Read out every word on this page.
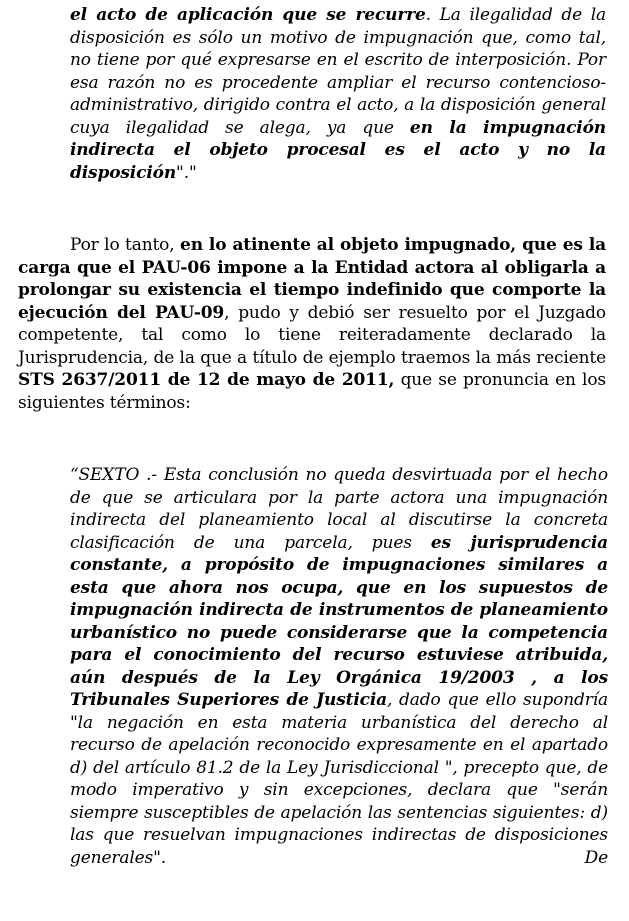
el acto de aplicación que se recurre. La ilegalidad de la disposición es sólo un motivo de impugnación que, como tal, no tiene por qué expresarse en el escrito de interposición. Por esa razón no es procedente ampliar el recurso contencioso-administrativo, dirigido contra el acto, a la disposición general cuya ilegalidad se alega, ya que en la impugnación indirecta el objeto procesal es el acto y no la disposición"."

Por lo tanto, en lo atinente al objeto impugnado, que es la carga que el PAU-06 impone a la Entidad actora al obligarla a prolongar su existencia el tiempo indefinido que comporte la ejecución del PAU-09, pudo y debió ser resuelto por el Juzgado competente, tal como lo tiene reiteradamente declarado la Jurisprudencia, de la que a título de ejemplo traemos la más reciente STS 2637/2011 de 12 de mayo de 2011, que se pronuncia en los siguientes términos:

“SEXTO .- Esta conclusión no queda desvirtuada por el hecho de que se articulara por la parte actora una impugnación indirecta del planeamiento local al discutirse la concreta clasificación de una parcela, pues es jurisprudencia constante, a propósito de impugnaciones similares a esta que ahora nos ocupa, que en los supuestos de impugnación indirecta de instrumentos de planeamiento urbanístico no puede considerarse que la competencia para el conocimiento del recurso estuviese atribuida, aún después de la Ley Orgánica 19/2003 , a los Tribunales Superiores de Justicia, dado que ello supondría "la negación en esta materia urbanística del derecho al recurso de apelación reconocido expresamente en el apartado d) del artículo 81.2 de la Ley Jurisdiccional ", precepto que, de modo imperativo y sin excepciones, declara que "serán siempre susceptibles de apelación las sentencias siguientes: d) las que resuelvan impugnaciones indirectas de disposiciones generales". De
